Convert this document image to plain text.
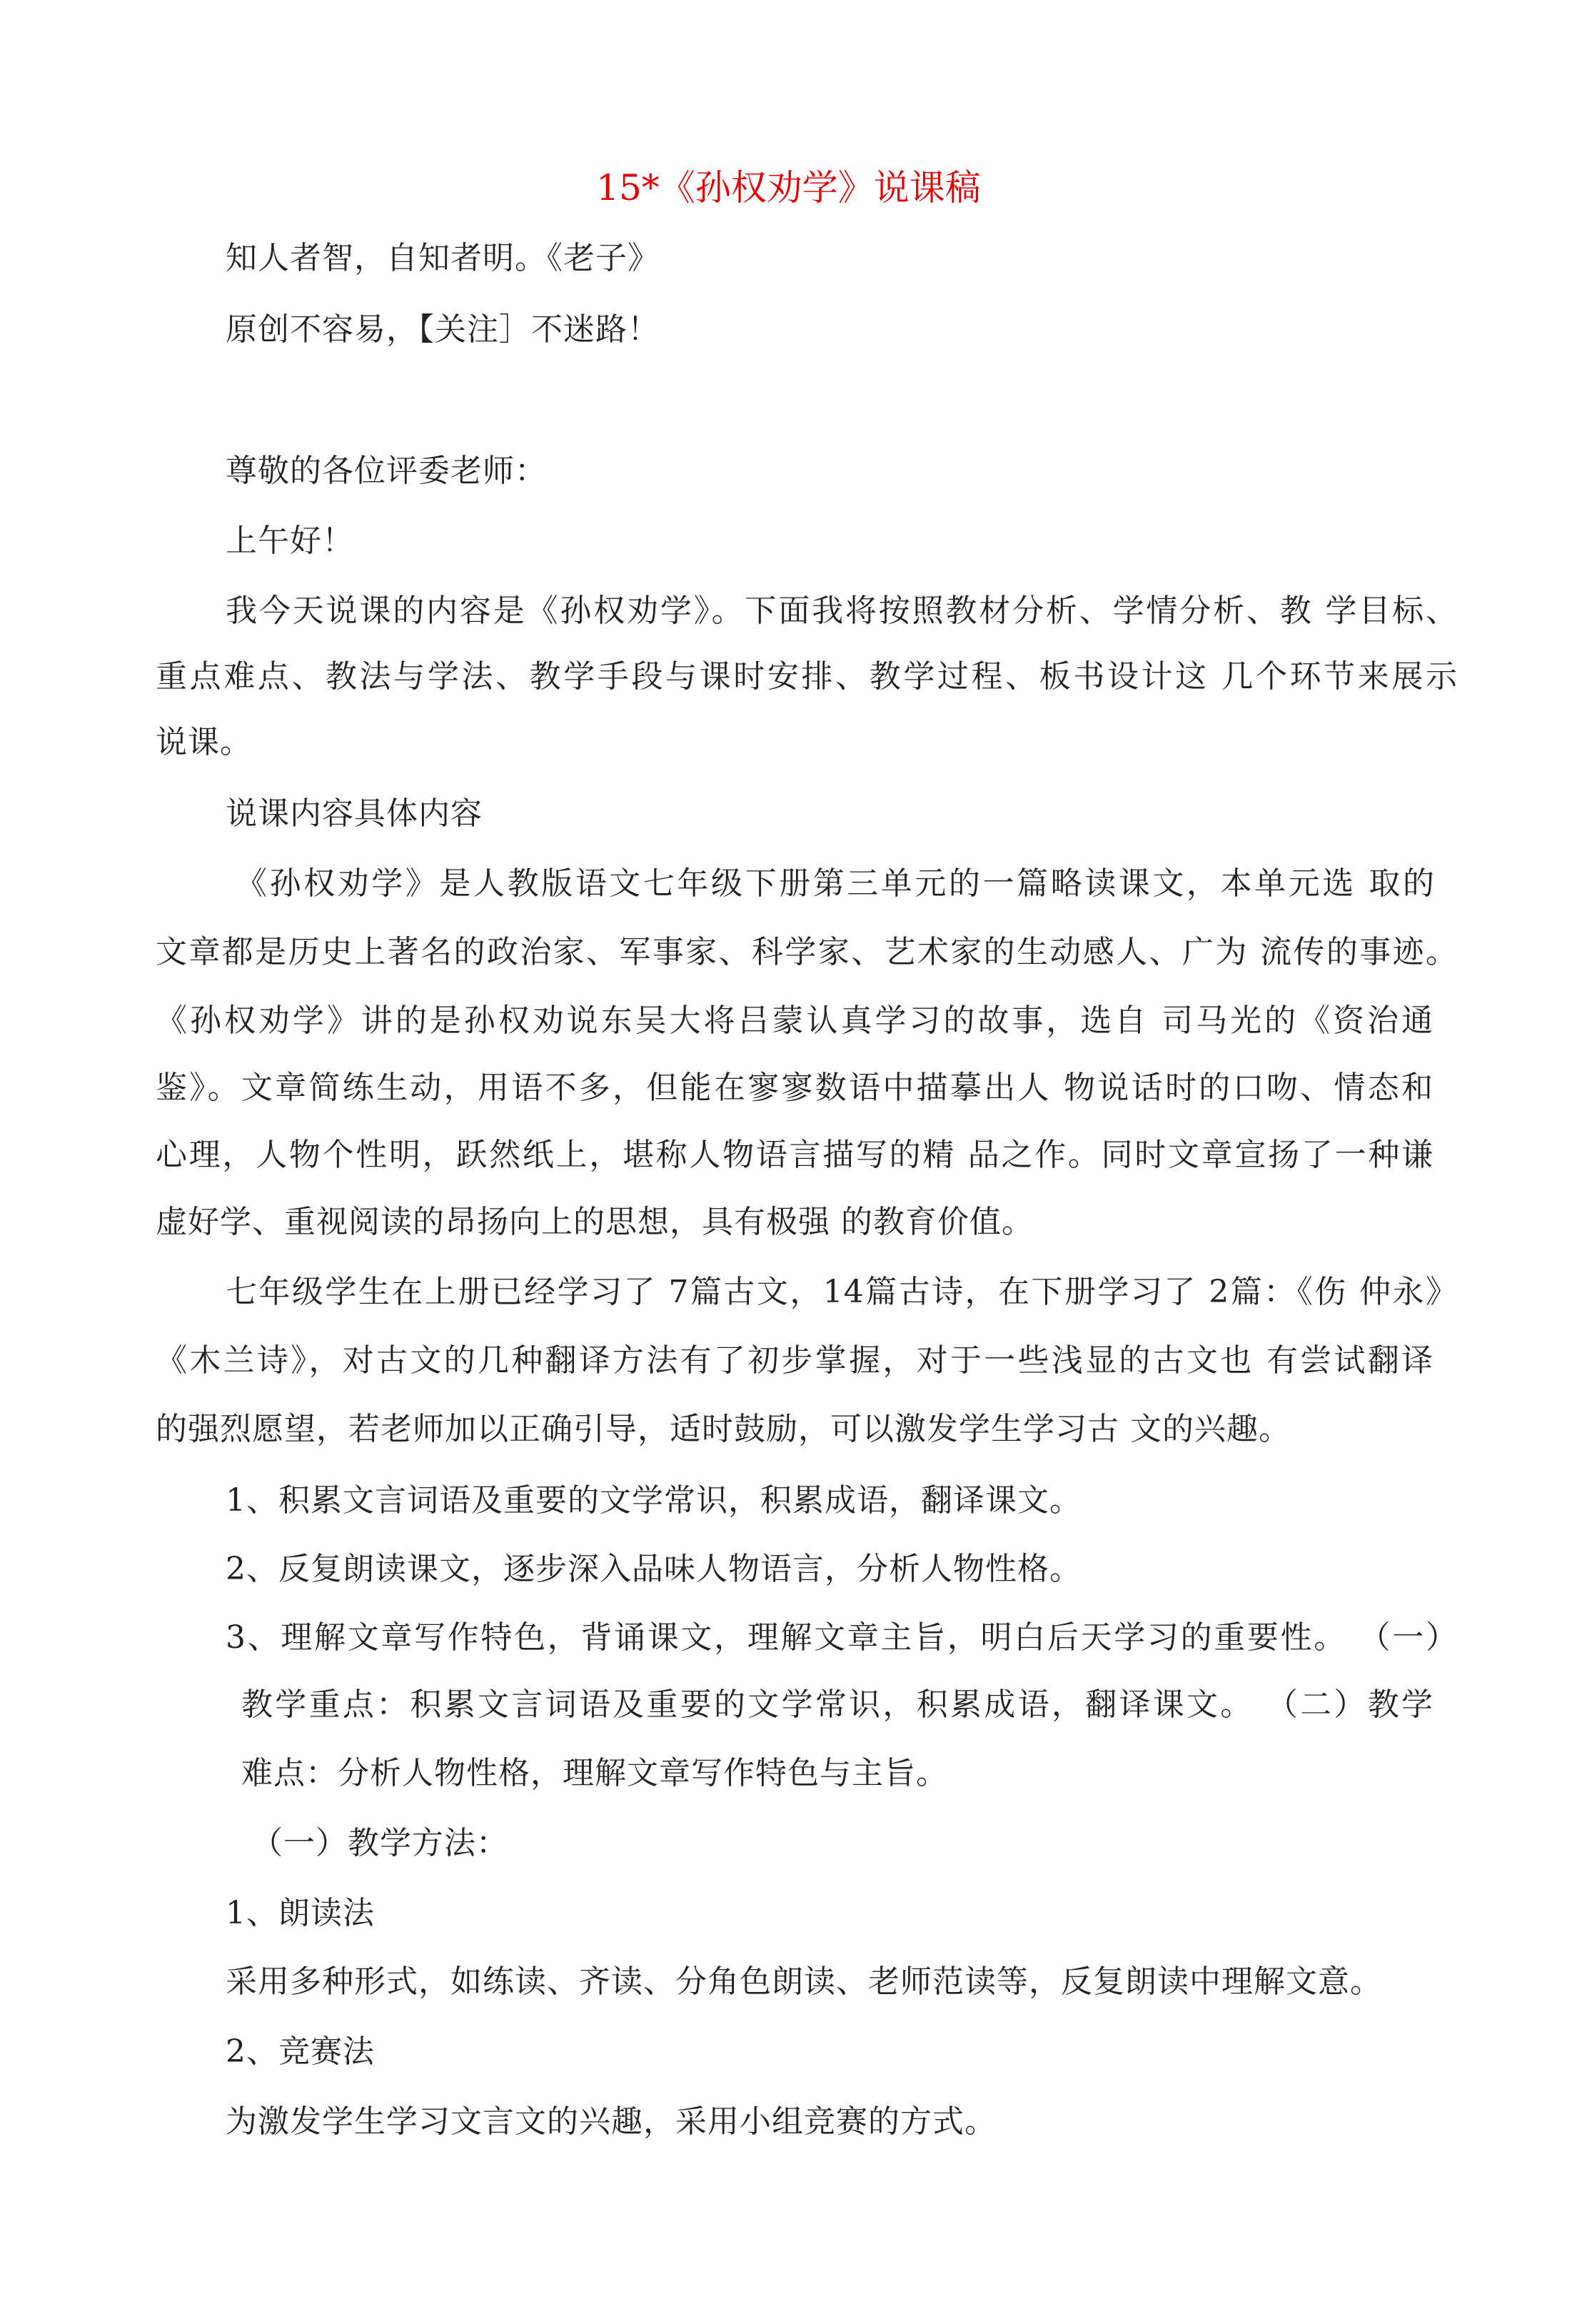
15*《孙权劝学》说课稿
知人者智，自知者明。《老子》
原创不容易，【关注］不迷路！
尊敬的各位评委老师：
上午好！
我今天说课的内容是《孙权劝学》。下面我将按照教材分析、学情分析、教 学目标、
重点难点、教法与学法、教学手段与课时安排、教学过程、板书设计这 几个环节来展示
说课。
说课内容具体内容
《孙权劝学》是人教版语文七年级下册第三单元的一篇略读课文，本单元选 取的
文章都是历史上著名的政治家、军事家、科学家、艺术家的生动感人、广为 流传的事迹。
《孙权劝学》讲的是孙权劝说东吴大将吕蒙认真学习的故事，选自 司马光的《资治通
鉴》。文章简练生动，用语不多，但能在寥寥数语中描摹出人 物说话时的口吻、情态和
心理，人物个性明，跃然纸上，堪称人物语言描写的精 品之作。同时文章宣扬了一种谦
虚好学、重视阅读的昂扬向上的思想，具有极强 的教育价值。
七年级学生在上册已经学习了 7篇古文，14篇古诗，在下册学习了 2篇：《伤 仲永》
《木兰诗》，对古文的几种翻译方法有了初步掌握，对于一些浅显的古文也 有尝试翻译
的强烈愿望，若老师加以正确引导，适时鼓励，可以激发学生学习古 文的兴趣。
1、积累文言词语及重要的文学常识，积累成语，翻译课文。
2、反复朗读课文，逐步深入品味人物语言，分析人物性格。
3、理解文章写作特色，背诵课文，理解文章主旨，明白后天学习的重要性。 （一）
教学重点：积累文言词语及重要的文学常识，积累成语，翻译课文。 （二）教学
难点：分析人物性格，理解文章写作特色与主旨。
（一）教学方法：
1、朗读法
采用多种形式，如练读、齐读、分角色朗读、老师范读等，反复朗读中理解文意。
2、竞赛法
为激发学生学习文言文的兴趣，采用小组竞赛的方式。
